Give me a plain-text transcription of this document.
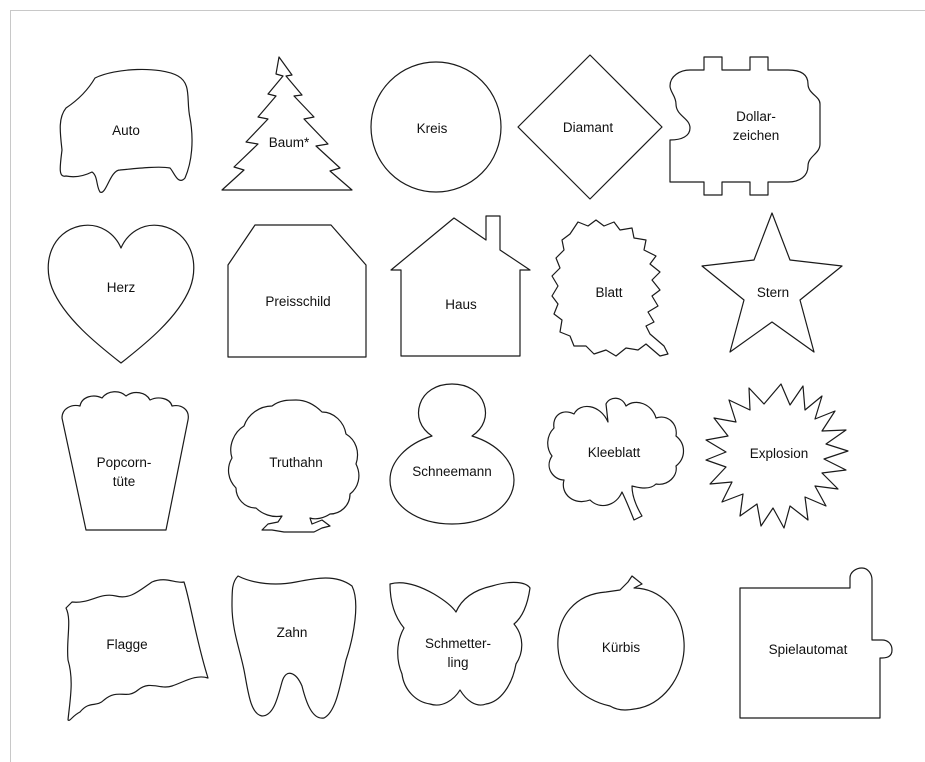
Auto
Baum*
Kreis	Diamant
Dollar-
zeichen
Herz
Preisschild	Haus
Blatt	Stern
Popcorn-
tüte
Truthahn
Schneemann
Kleeblatt	Explosion
Flagge
Zahn
Schmetter-
ling
Kürbis	Spielautomat
